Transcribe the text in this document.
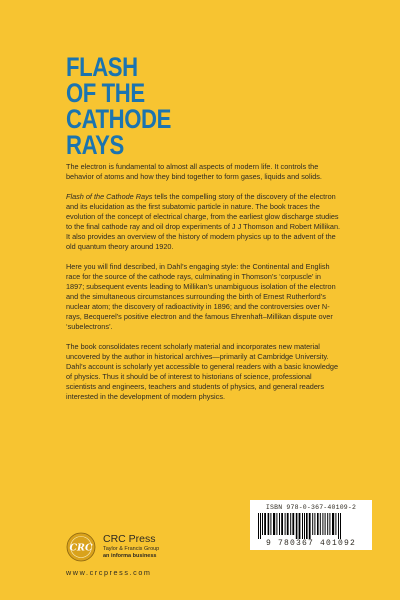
FLASH
OF THE
CATHODE
RAYS

The electron is fundamental to almost all aspects of modern life. It controls the behavior of atoms and how they bind together to form gases, liquids and solids.

Flash of the Cathode Rays tells the compelling story of the discovery of the electron and its elucidation as the first subatomic particle in nature. The book traces the evolution of the concept of electrical charge, from the earliest glow discharge studies to the final cathode ray and oil drop experiments of J J Thomson and Robert Millikan. It also provides an overview of the history of modern physics up to the advent of the old quantum theory around 1920.

Here you will find described, in Dahl’s engaging style: the Continental and English race for the source of the cathode rays, culminating in Thomson’s ‘corpuscle’ in 1897; subsequent events leading to Millikan’s unambiguous isolation of the electron and the simultaneous circumstances surrounding the birth of Ernest Rutherford’s nuclear atom; the discovery of radioactivity in 1896; and the controversies over N-rays, Becquerel’s positive electron and the famous Ehrenhaft–Millikan dispute over ‘subelectrons’.

The book consolidates recent scholarly material and incorporates new material uncovered by the author in historical archives—primarily at Cambridge University. Dahl’s account is scholarly yet accessible to general readers with a basic knowledge of physics. Thus it should be of interest to historians of science, professional scientists and engineers, teachers and students of physics, and general readers interested in the development of modern physics.

ISBN 978-0-367-40109-2
9 780367 401092
CRC
CRC Press
Taylor & Francis Group
an informa business
www.crcpress.com
